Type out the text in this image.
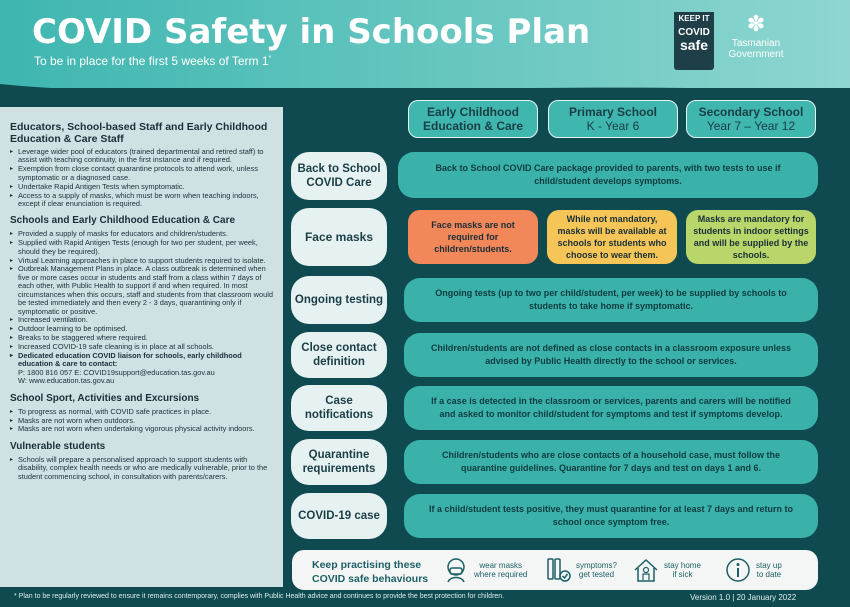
COVID Safety in Schools Plan
To be in place for the first 5 weeks of Term 1*
KEEP IT
COVID
safe
✽
Tasmanian
Government
Educators, School-based Staff and Early Childhood Education & Care Staff
▸ Leverage wider pool of educators (trained departmental and retired staff) to assist with teaching continuity, in the first instance and if required.
▸ Exemption from close contact quarantine protocols to attend work, unless symptomatic or a diagnosed case.
▸ Undertake Rapid Antigen Tests when symptomatic.
▸ Access to a supply of masks, which must be worn when teaching indoors, except if clear enunciation is required.
Schools and Early Childhood Education & Care
▸ Provided a supply of masks for educators and children/students.
▸ Supplied with Rapid Antigen Tests (enough for two per student, per week, should they be required).
▸ Virtual Learning approaches in place to support students required to isolate.
▸ Outbreak Management Plans in place. A class outbreak is determined when five or more cases occur in students and staff from a class within 7 days of each other, with Public Health to support if and when required. In most circumstances when this occurs, staff and students from that classroom would be tested immediately and then every 2 - 3 days, quarantining only if symptomatic or positive.
▸ Increased ventilation.
▸ Outdoor learning to be optimised.
▸ Breaks to be staggered where required.
▸ Increased COVID-19 safe cleaning is in place at all schools.
▸ Dedicated education COVID liaison for schools, early childhood education & care to contact:
P: 1800 816 057 E: COVID19support@education.tas.gov.au
W: www.education.tas.gov.au
School Sport, Activities and Excursions
▸ To progress as normal, with COVID safe practices in place.
▸ Masks are not worn when outdoors.
▸ Masks are not worn when undertaking vigorous physical activity indoors.
Vulnerable students
▸ Schools will prepare a personalised approach to support students with disability, complex health needs or who are medically vulnerable, prior to the student commencing school, in consultation with parents/carers.
Early Childhood
Education & Care
Primary School
K - Year 6
Secondary School
Year 7 – Year 12
Back to School COVID Care
Back to School COVID Care package provided to parents, with two tests to use if child/student develops symptoms.
Face masks
Face masks are not required for children/students.
While not mandatory, masks will be available at schools for students who choose to wear them.
Masks are mandatory for students in indoor settings and will be supplied by the schools.
Ongoing testing
Ongoing tests (up to two per child/student, per week) to be supplied by schools to students to take home if symptomatic.
Close contact definition
Children/students are not defined as close contacts in a classroom exposure unless advised by Public Health directly to the school or services.
Case notifications
If a case is detected in the classroom or services, parents and carers will be notified and asked to monitor child/student for symptoms and test if symptoms develop.
Quarantine requirements
Children/students who are close contacts of a household case, must follow the quarantine guidelines. Quarantine for 7 days and test on days 1 and 6.
COVID-19 case
If a child/student tests positive, they must quarantine for at least 7 days and return to school once symptom free.
Keep practising these
COVID safe behaviours
wear masks
where required
symptoms?
get tested
stay home
if sick
stay up
to date
* Plan to be regularly reviewed to ensure it remains contemporary, complies with Public Health advice and continues to provide the best protection for children.	Version 1.0 | 20 January 2022
